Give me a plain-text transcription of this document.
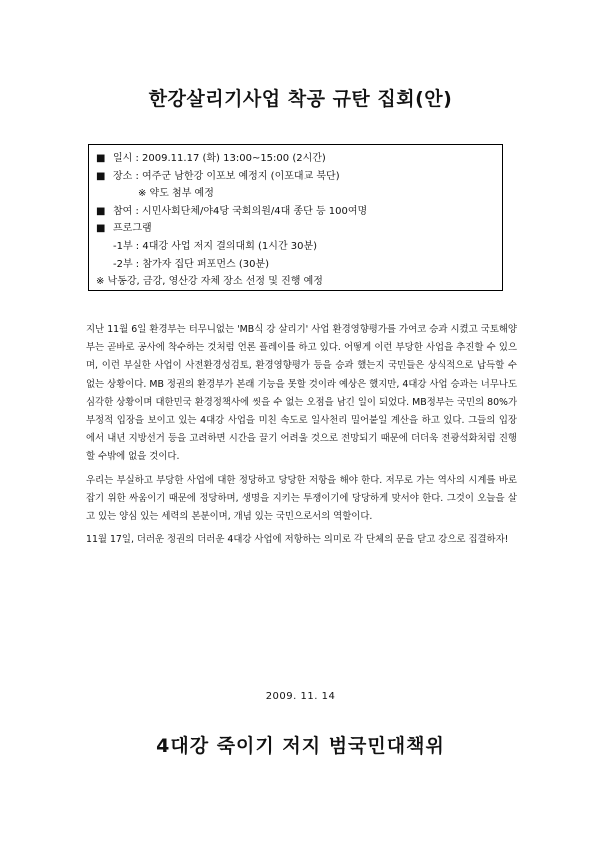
한강살리기사업 착공 규탄 집회(안)
■ 일시 : 2009.11.17 (화) 13:00~15:00 (2시간)
■ 장소 : 여주군 남한강 이포보 예정지 (이포대교 북단)
※ 약도 첨부 예정
■ 참여 : 시민사회단체/야4당 국회의원/4대 종단 등 100여명
■ 프로그램
-1부 : 4대강 사업 저지 결의대회 (1시간 30분)
-2부 : 참가자 집단 퍼포먼스 (30분)
※ 낙동강, 금강, 영산강 자체 장소 선정 및 진행 예정

지난 11월 6일 환경부는 터무니없는 'MB식 강 살리기' 사업 환경영향평가를 가여코 승과 시켰고 국토해양부는 곧바로 공사에 착수하는 것처럼 언론 플레이를 하고 있다. 어떻게 이런 부당한 사업을 추진할 수 있으며, 이런 부실한 사업이 사전환경성검토, 환경영향평가 등을 승과 했는지 국민들은 상식적으로 납득할 수 없는 상황이다. MB 정권의 환경부가 본래 기능을 못할 것이라 예상은 했지만, 4대강 사업 승과는 너무나도 심각한 상황이며 대한민국 환경정책사에 씻을 수 없는 오점을 남긴 일이 되었다. MB정부는 국민의 80%가 부정적 입장을 보이고 있는 4대강 사업을 미친 속도로 일사천리 밀어붙일 계산을 하고 있다. 그들의 입장에서 내년 지방선거 등을 고려하면 시간을 끌기 어려울 것으로 전망되기 때문에 더더욱 전광석화처럼 진행할 수밖에 없을 것이다.

우리는 부실하고 부당한 사업에 대한 정당하고 당당한 저항을 해야 한다. 저무로 가는 역사의 시계를 바로 잡기 위한 싸움이기 때문에 정당하며, 생명을 지키는 투쟁이기에 당당하게 맞서야 한다. 그것이 오늘을 살고 있는 양심 있는 세력의 본분이며, 개념 있는 국민으로서의 역할이다.

11월 17일, 더러운 정권의 더러운 4대강 사업에 저항하는 의미로 각 단체의 문을 닫고 강으로 집결하자!

2009. 11. 14
4대강 죽이기 저지 범국민대책위
